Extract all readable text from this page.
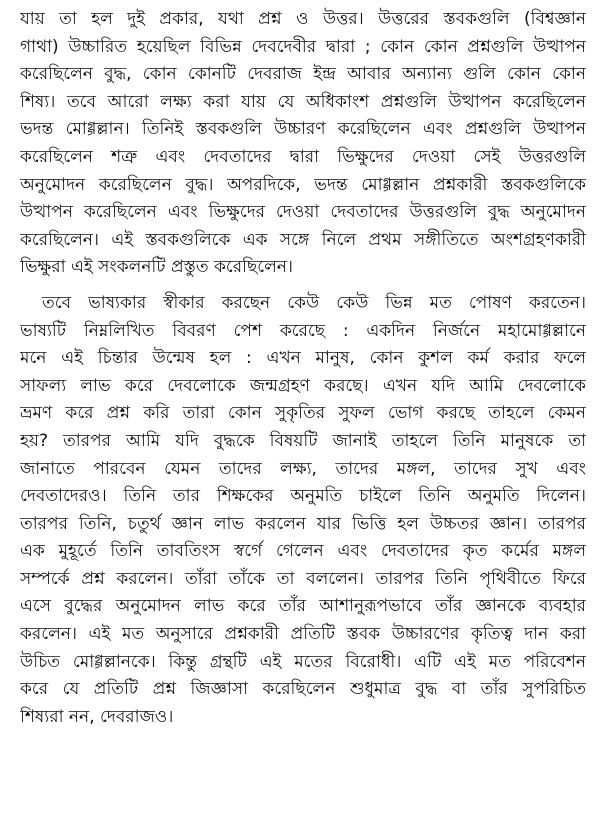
যায় তা হল দুই প্রকার, যথা প্রশ্ন ও উত্তর। উত্তরের স্তবকগুলি (বিশ্বজ্ঞান
গাথা) উচ্চারিত হয়েছিল বিভিন্ন দেবদেবীর দ্বারা ; কোন কোন প্রশ্নগুলি উত্থাপন
করেছিলেন বুদ্ধ, কোন কোনটি দেবরাজ ইন্দ্র আবার অন্যান্য গুলি কোন কোন
শিষ্য। তবে আরো লক্ষ্য করা যায় যে অধিকাংশ প্রশ্নগুলি উত্থাপন করেছিলেন
ভদন্ত মোগ্গল্লান। তিনিই স্তবকগুলি উচ্চারণ করেছিলেন এবং প্রশ্নগুলি উত্থাপন
করেছিলেন শত্রু এবং দেবতাদের দ্বারা ভিক্ষুদের দেওয়া সেই উত্তরগুলি
অনুমোদন করেছিলেন বুদ্ধ। অপরদিকে, ভদন্ত মোগ্গল্লান প্রশ্নকারী স্তবকগুলিকে
উত্থাপন করেছিলেন এবং ভিক্ষুদের দেওয়া দেবতাদের উত্তরগুলি বুদ্ধ অনুমোদন
করেছিলেন। এই স্তবকগুলিকে এক সঙ্গে নিলে প্রথম সঙ্গীতিতে অংশগ্রহণকারী
ভিক্ষুরা এই সংকলনটি প্রস্তুত করেছিলেন।
তবে ভাষ্যকার স্বীকার করছেন কেউ কেউ ভিন্ন মত পোষণ করতেন।
ভাষ্যটি নিম্নলিখিত বিবরণ পেশ করেছে : একদিন নির্জনে মহামোগ্গল্লানে
মনে এই চিন্তার উন্মেষ হল : এখন মানুষ, কোন কুশল কর্ম করার ফলে
সাফল্য লাভ করে দেবলোকে জন্মগ্রহণ করছে। এখন যদি আমি দেবলোকে
ভ্রমণ করে প্রশ্ন করি তারা কোন সুকৃতির সুফল ভোগ করছে তাহলে কেমন
হয়? তারপর আমি যদি বুদ্ধকে বিষয়টি জানাই তাহলে তিনি মানুষকে তা
জানাতে পারবেন যেমন তাদের লক্ষ্য, তাদের মঙ্গল, তাদের সুখ এবং
দেবতাদেরও। তিনি তার শিক্ষকের অনুমতি চাইলে তিনি অনুমতি দিলেন।
তারপর তিনি, চতুর্থ জ্ঞান লাভ করলেন যার ভিত্তি হল উচ্চতর জ্ঞান। তারপর
এক মুহূর্তে তিনি তাবতিংস স্বর্গে গেলেন এবং দেবতাদের কৃত কর্মের মঙ্গল
সম্পর্কে প্রশ্ন করলেন। তাঁরা তাঁকে তা বললেন। তারপর তিনি পৃথিবীতে ফিরে
এসে বুদ্ধের অনুমোদন লাভ করে তাঁর আশানুরূপভাবে তাঁর জ্ঞানকে ব্যবহার
করলেন। এই মত অনুসারে প্রশ্নকারী প্রতিটি স্তবক উচ্চারণের কৃতিত্ব দান করা
উচিত মোগ্গল্লানকে। কিন্তু গ্রন্থটি এই মতের বিরোধী। এটি এই মত পরিবেশন
করে যে প্রতিটি প্রশ্ন জিজ্ঞাসা করেছিলেন শুধুমাত্র বুদ্ধ বা তাঁর সুপরিচিত
শিষ্যরা নন, দেবরাজও।
